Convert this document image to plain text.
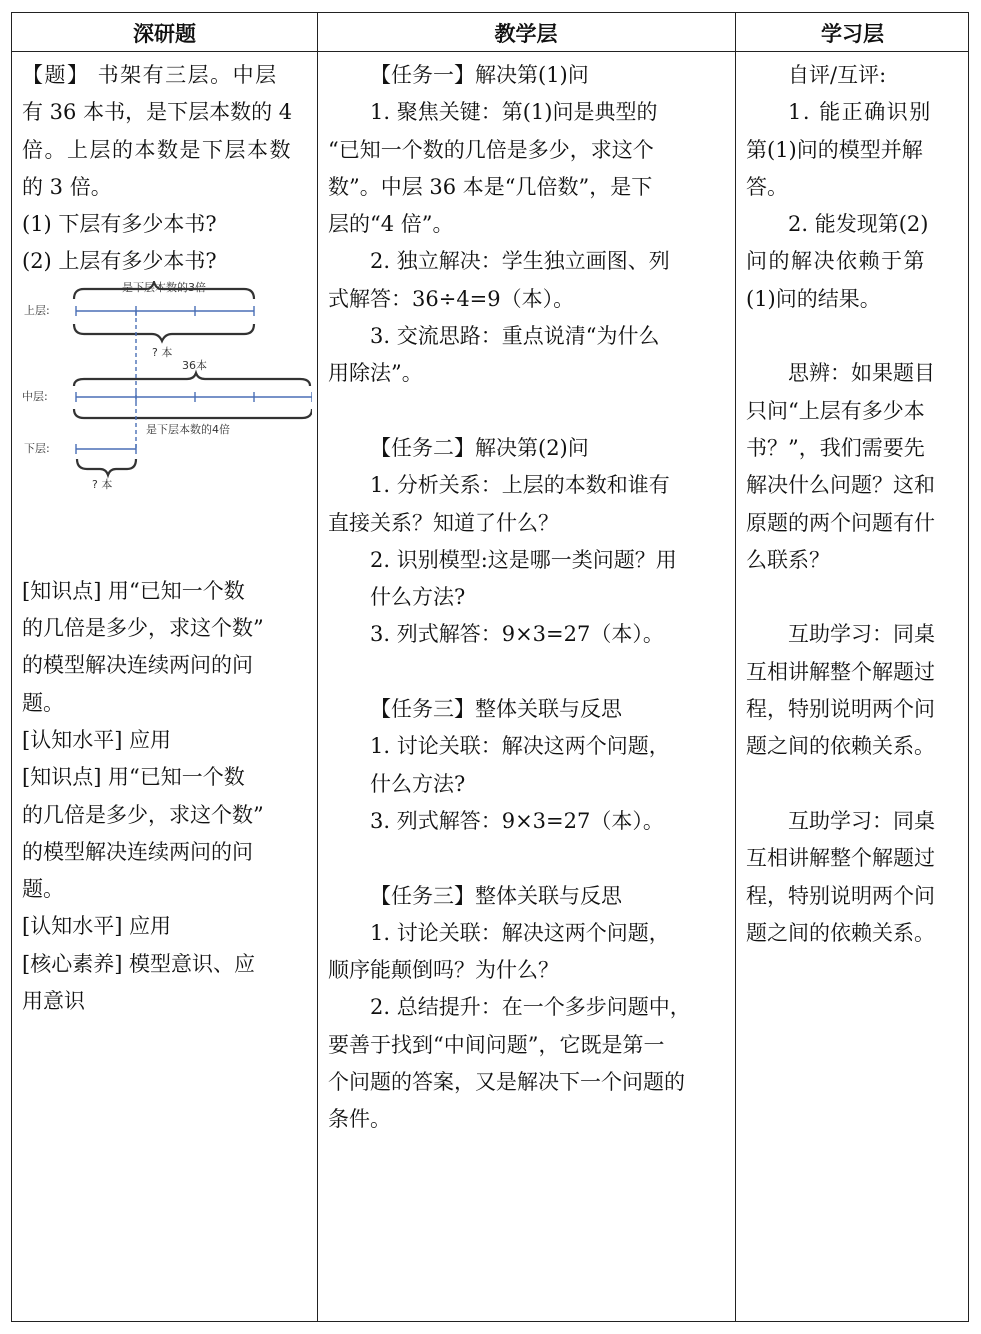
深研题	教学层	学习层
【题】 书架有三层。中层
有 36 本书，是下层本数的 4
倍。上层的本数是下层本数
的 3 倍。
(1) 下层有多少本书?
(2) 上层有多少本书?
是下层本数的3倍
上层:
? 本
36本
中层:
是下层本数的4倍
下层:
? 本
[知识点] 用“已知一个数
的几倍是多少，求这个数”
的模型解决连续两问的问
题。
[认知水平] 应用
[知识点] 用“已知一个数
的几倍是多少，求这个数”
的模型解决连续两问的问
题。
[认知水平] 应用
[核心素养] 模型意识、应
用意识
【任务一】解决第(1)问
1. 聚焦关键：第(1)问是典型的
“已知一个数的几倍是多少，求这个
数”。中层 36 本是“几倍数”，是下
层的“4 倍”。
2. 独立解决：学生独立画图、列
式解答：36÷4=9（本）。
3. 交流思路：重点说清“为什么
用除法”。
【任务二】解决第(2)问
1. 分析关系：上层的本数和谁有
直接关系？知道了什么？
2. 识别模型:这是哪一类问题？用
什么方法?
3. 列式解答：9×3=27（本）。
【任务三】整体关联与反思
1. 讨论关联：解决这两个问题，
什么方法?
3. 列式解答：9×3=27（本）。
【任务三】整体关联与反思
1. 讨论关联：解决这两个问题，
顺序能颠倒吗？为什么？
2. 总结提升：在一个多步问题中，
要善于找到“中间问题”，它既是第一
个问题的答案，又是解决下一个问题的
条件。
自评/互评:
1. 能正确识别
第(1)问的模型并解
答。
2. 能发现第(2)
问的解决依赖于第
(1)问的结果。
思辨：如果题目
只问“上层有多少本
书？”，我们需要先
解决什么问题？这和
原题的两个问题有什
么联系？
互助学习：同桌
互相讲解整个解题过
程，特别说明两个问
题之间的依赖关系。
互助学习：同桌
互相讲解整个解题过
程，特别说明两个问
题之间的依赖关系。
